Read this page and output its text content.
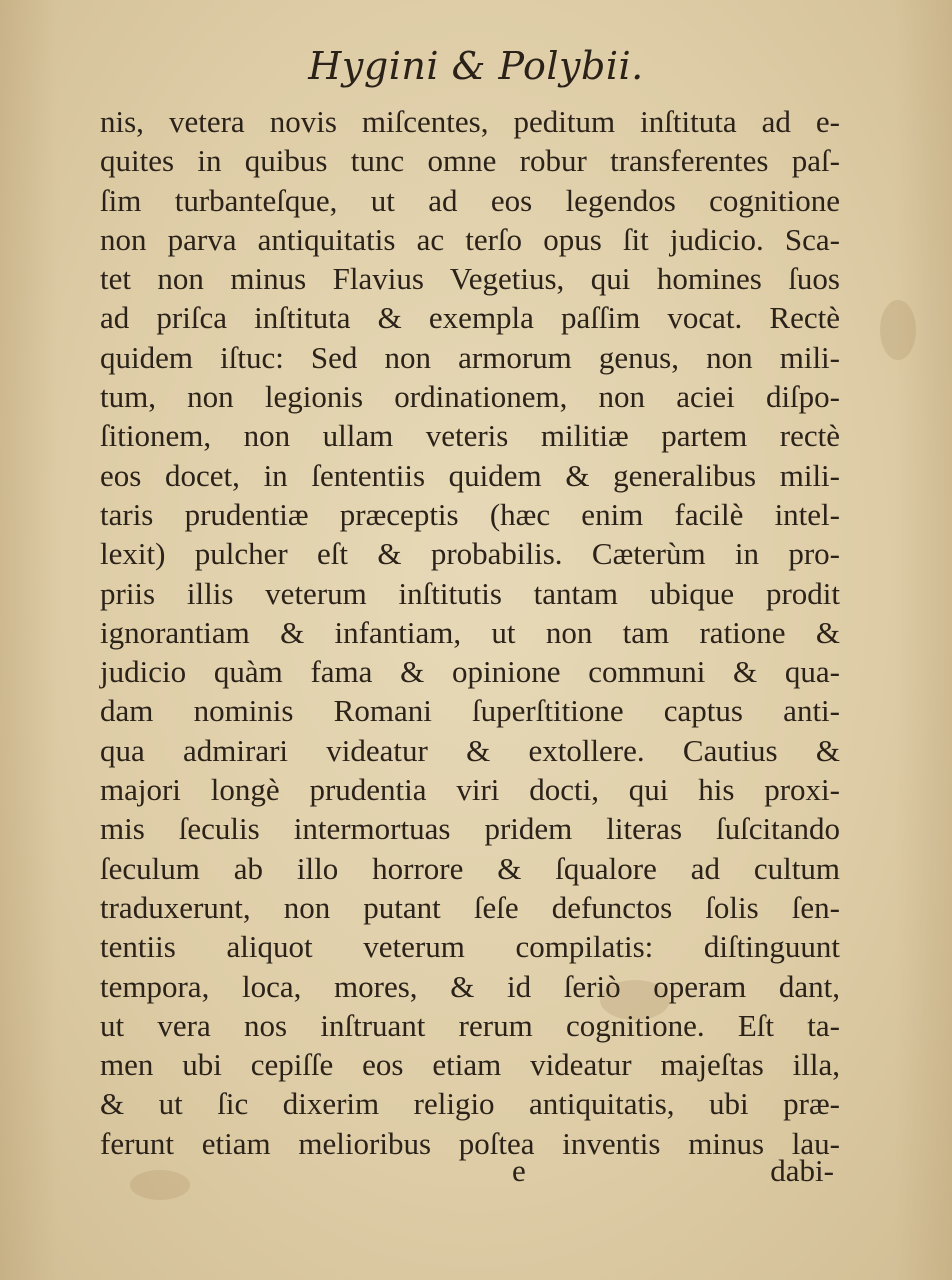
Hygini & Polybii.
nis, vetera novis miſcentes, peditum inſtituta ad e-
quites in quibus tunc omne robur transferentes paſ-
ſim turbanteſque, ut ad eos legendos cognitione
non parva antiquitatis ac terſo opus ſit judicio. Sca-
tet non minus Flavius Vegetius, qui homines ſuos
ad priſca inſtituta & exempla paſſim vocat. Rectè
quidem iſtuc: Sed non armorum genus, non mili-
tum, non legionis ordinationem, non aciei diſpo-
ſitionem, non ullam veteris militiæ partem rectè
eos docet, in ſententiis quidem & generalibus mili-
taris prudentiæ præceptis (hæc enim facilè intel-
lexit) pulcher eſt & probabilis. Cæterùm in pro-
priis illis veterum inſtitutis tantam ubique prodit
ignorantiam & infantiam, ut non tam ratione &
judicio quàm fama & opinione communi & qua-
dam nominis Romani ſuperſtitione captus anti-
qua admirari videatur & extollere. Cautius &
majori longè prudentia viri docti, qui his proxi-
mis ſeculis intermortuas pridem literas ſuſcitando
ſeculum ab illo horrore & ſqualore ad cultum
traduxerunt, non putant ſeſe defunctos ſolis ſen-
tentiis aliquot veterum compilatis: diſtinguunt
tempora, loca, mores, & id ſeriò operam dant,
ut vera nos inſtruant rerum cognitione. Eſt ta-
men ubi cepiſſe eos etiam videatur majeſtas illa,
& ut ſic dixerim religio antiquitatis, ubi præ-
ferunt etiam melioribus poſtea inventis minus lau-
e	dabi-
